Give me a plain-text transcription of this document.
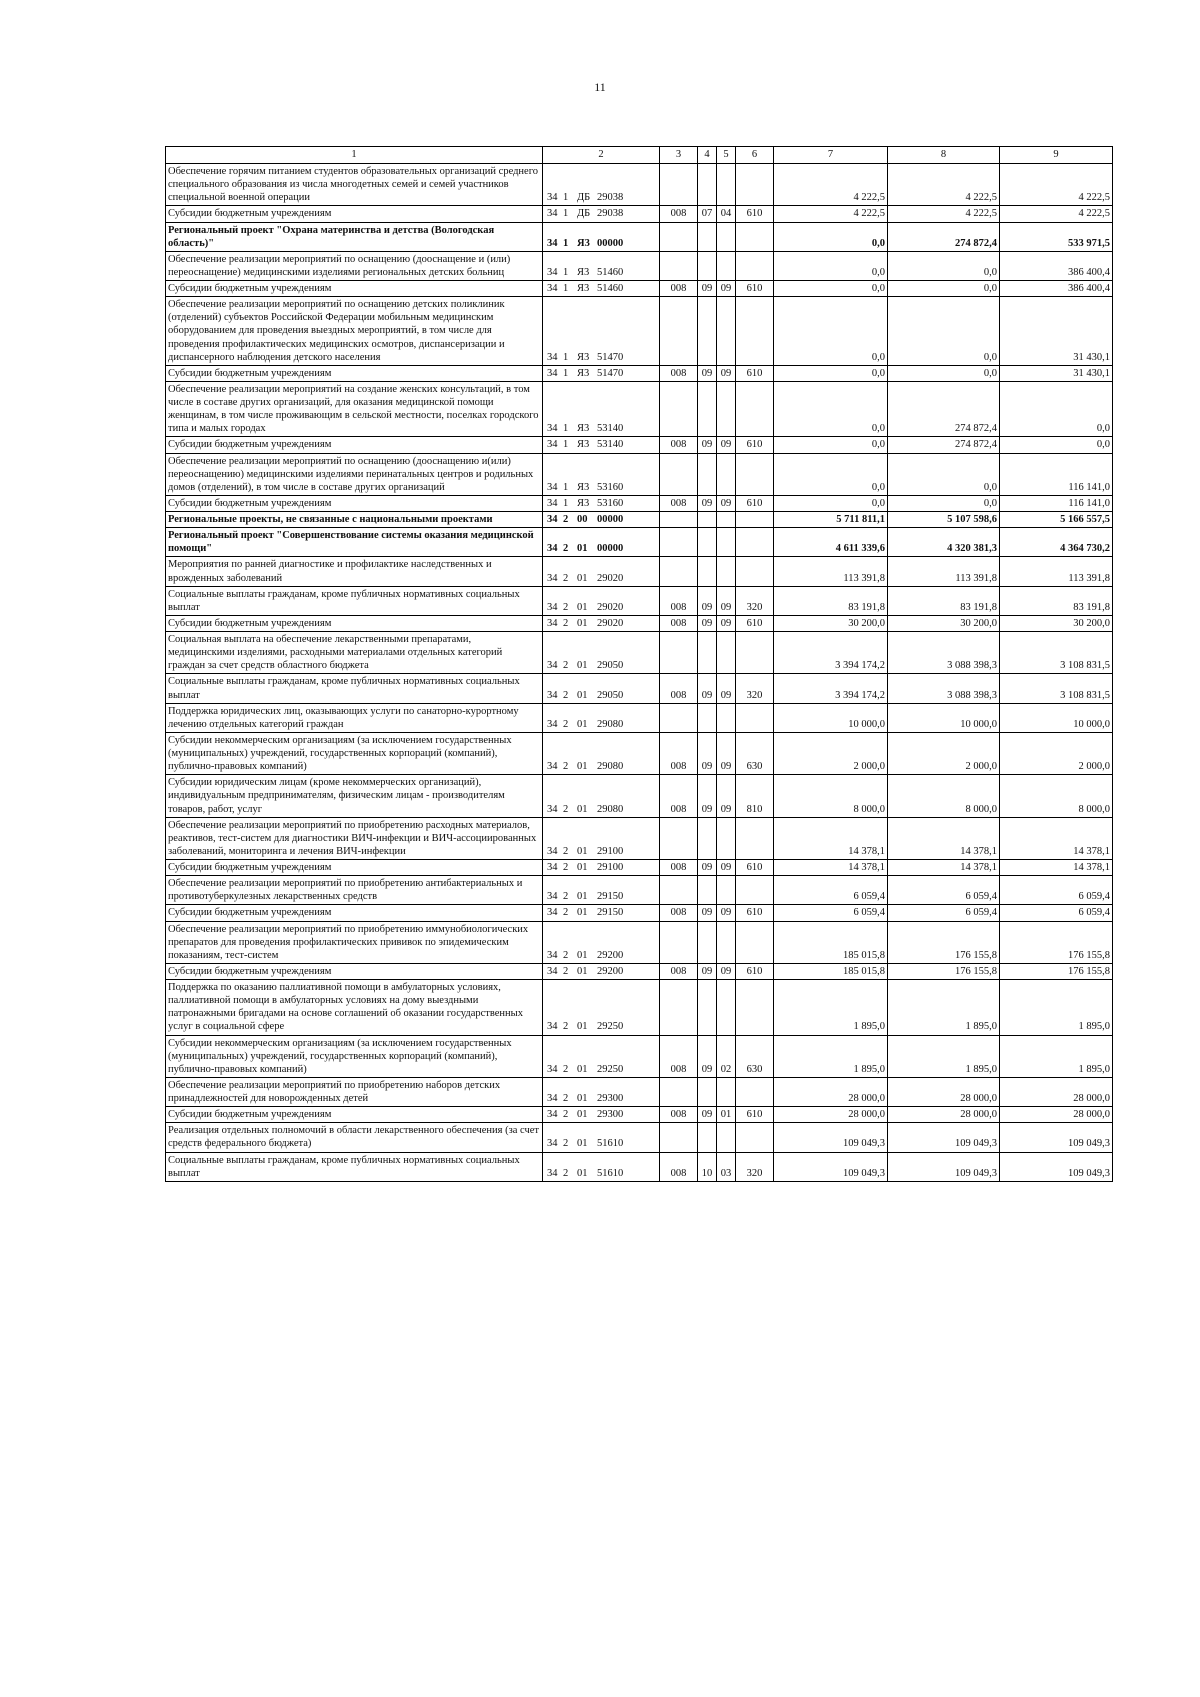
11
1	2	3	4	5	6	7	8	9
Обеспечение горячим питанием студентов образовательных организаций среднего специального образования из числа многодетных семей и семей участников специальной военной операции	34 1 ДБ 29038					4 222,5	4 222,5	4 222,5
Субсидии бюджетным учреждениям	34 1 ДБ 29038	008	07	04	610	4 222,5	4 222,5	4 222,5
Региональный проект "Охрана материнства и детства (Вологодская область)"	34 1 Я3 00000					0,0	274 872,4	533 971,5
Обеспечение реализации мероприятий по оснащению (дооснащение и (или) переоснащение) медицинскими изделиями региональных детских больниц	34 1 Я3 51460					0,0	0,0	386 400,4
Субсидии бюджетным учреждениям	34 1 Я3 51460	008	09	09	610	0,0	0,0	386 400,4
Обеспечение реализации мероприятий по оснащению детских поликлиник (отделений) субъектов Российской Федерации мобильным медицинским оборудованием для проведения выездных мероприятий, в том числе для проведения профилактических медицинских осмотров, диспансеризации и диспансерного наблюдения детского населения	34 1 Я3 51470					0,0	0,0	31 430,1
Субсидии бюджетным учреждениям	34 1 Я3 51470	008	09	09	610	0,0	0,0	31 430,1
Обеспечение реализации мероприятий на создание женских консультаций, в том числе в составе других организаций, для оказания медицинской помощи женщинам, в том числе проживающим в сельской местности, поселках городского типа и малых городах	34 1 Я3 53140					0,0	274 872,4	0,0
Субсидии бюджетным учреждениям	34 1 Я3 53140	008	09	09	610	0,0	274 872,4	0,0
Обеспечение реализации мероприятий по оснащению (дооснащению и(или) переоснащению) медицинскими изделиями перинатальных центров и родильных домов (отделений), в том числе в составе других организаций	34 1 Я3 53160					0,0	0,0	116 141,0
Субсидии бюджетным учреждениям	34 1 Я3 53160	008	09	09	610	0,0	0,0	116 141,0
Региональные проекты, не связанные с национальными проектами	34 2 00 00000					5 711 811,1	5 107 598,6	5 166 557,5
Региональный проект "Совершенствование системы оказания медицинской помощи"	34 2 01 00000					4 611 339,6	4 320 381,3	4 364 730,2
Мероприятия по ранней диагностике и профилактике наследственных и врожденных заболеваний	34 2 01 29020					113 391,8	113 391,8	113 391,8
Социальные выплаты гражданам, кроме публичных нормативных социальных выплат	34 2 01 29020	008	09	09	320	83 191,8	83 191,8	83 191,8
Субсидии бюджетным учреждениям	34 2 01 29020	008	09	09	610	30 200,0	30 200,0	30 200,0
Социальная выплата на обеспечение лекарственными препаратами, медицинскими изделиями, расходными материалами отдельных категорий граждан за счет средств областного бюджета	34 2 01 29050					3 394 174,2	3 088 398,3	3 108 831,5
Социальные выплаты гражданам, кроме публичных нормативных социальных выплат	34 2 01 29050	008	09	09	320	3 394 174,2	3 088 398,3	3 108 831,5
Поддержка юридических лиц, оказывающих услуги по санаторно-курортному лечению отдельных категорий граждан	34 2 01 29080					10 000,0	10 000,0	10 000,0
Субсидии некоммерческим организациям (за исключением государственных (муниципальных) учреждений, государственных корпораций (компаний), публично-правовых компаний)	34 2 01 29080	008	09	09	630	2 000,0	2 000,0	2 000,0
Субсидии юридическим лицам (кроме некоммерческих организаций), индивидуальным предпринимателям, физическим лицам - производителям товаров, работ, услуг	34 2 01 29080	008	09	09	810	8 000,0	8 000,0	8 000,0
Обеспечение реализации мероприятий по приобретению расходных материалов, реактивов, тест-систем для диагностики ВИЧ-инфекции и ВИЧ-ассоциированных заболеваний, мониторинга и лечения ВИЧ-инфекции	34 2 01 29100					14 378,1	14 378,1	14 378,1
Субсидии бюджетным учреждениям	34 2 01 29100	008	09	09	610	14 378,1	14 378,1	14 378,1
Обеспечение реализации мероприятий по приобретению антибактериальных и противотуберкулезных лекарственных средств	34 2 01 29150					6 059,4	6 059,4	6 059,4
Субсидии бюджетным учреждениям	34 2 01 29150	008	09	09	610	6 059,4	6 059,4	6 059,4
Обеспечение реализации мероприятий по приобретению иммунобиологических препаратов для проведения профилактических прививок по эпидемическим показаниям, тест-систем	34 2 01 29200					185 015,8	176 155,8	176 155,8
Субсидии бюджетным учреждениям	34 2 01 29200	008	09	09	610	185 015,8	176 155,8	176 155,8
Поддержка по оказанию паллиативной помощи в амбулаторных условиях, паллиативной помощи в амбулаторных условиях на дому выездными патронажными бригадами на основе соглашений об оказании государственных услуг в социальной сфере	34 2 01 29250					1 895,0	1 895,0	1 895,0
Субсидии некоммерческим организациям (за исключением государственных (муниципальных) учреждений, государственных корпораций (компаний), публично-правовых компаний)	34 2 01 29250	008	09	02	630	1 895,0	1 895,0	1 895,0
Обеспечение реализации мероприятий по приобретению наборов детских принадлежностей для новорожденных детей	34 2 01 29300					28 000,0	28 000,0	28 000,0
Субсидии бюджетным учреждениям	34 2 01 29300	008	09	01	610	28 000,0	28 000,0	28 000,0
Реализация отдельных полномочий в области лекарственного обеспечения (за счет средств федерального бюджета)	34 2 01 51610					109 049,3	109 049,3	109 049,3
Социальные выплаты гражданам, кроме публичных нормативных социальных выплат	34 2 01 51610	008	10	03	320	109 049,3	109 049,3	109 049,3
